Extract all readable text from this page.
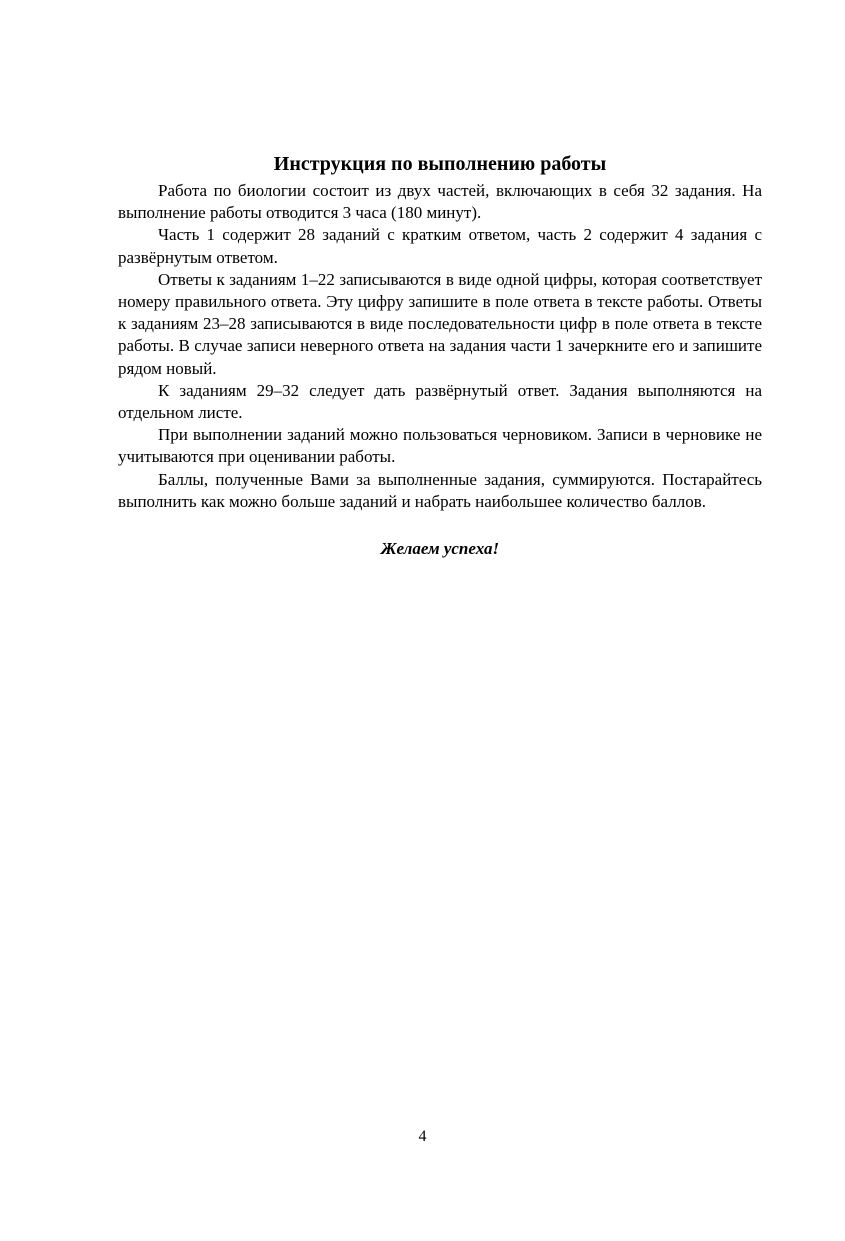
Инструкция по выполнению работы

Работа по биологии состоит из двух частей, включающих в себя 32 задания. На выполнение работы отводится 3 часа (180 минут).

Часть 1 содержит 28 заданий с кратким ответом, часть 2 содержит 4 задания с развёрнутым ответом.

Ответы к заданиям 1–22 записываются в виде одной цифры, которая соответствует номеру правильного ответа. Эту цифру запишите в поле ответа в тексте работы. Ответы к заданиям 23–28 записываются в виде последовательности цифр в поле ответа в тексте работы. В случае записи неверного ответа на задания части 1 зачеркните его и запишите рядом новый.

К заданиям 29–32 следует дать развёрнутый ответ. Задания выполняются на отдельном листе.

При выполнении заданий можно пользоваться черновиком. Записи в черновике не учитываются при оценивании работы.

Баллы, полученные Вами за выполненные задания, суммируются. Постарайтесь выполнить как можно больше заданий и набрать наибольшее количество баллов.

Желаем успеха!

4
